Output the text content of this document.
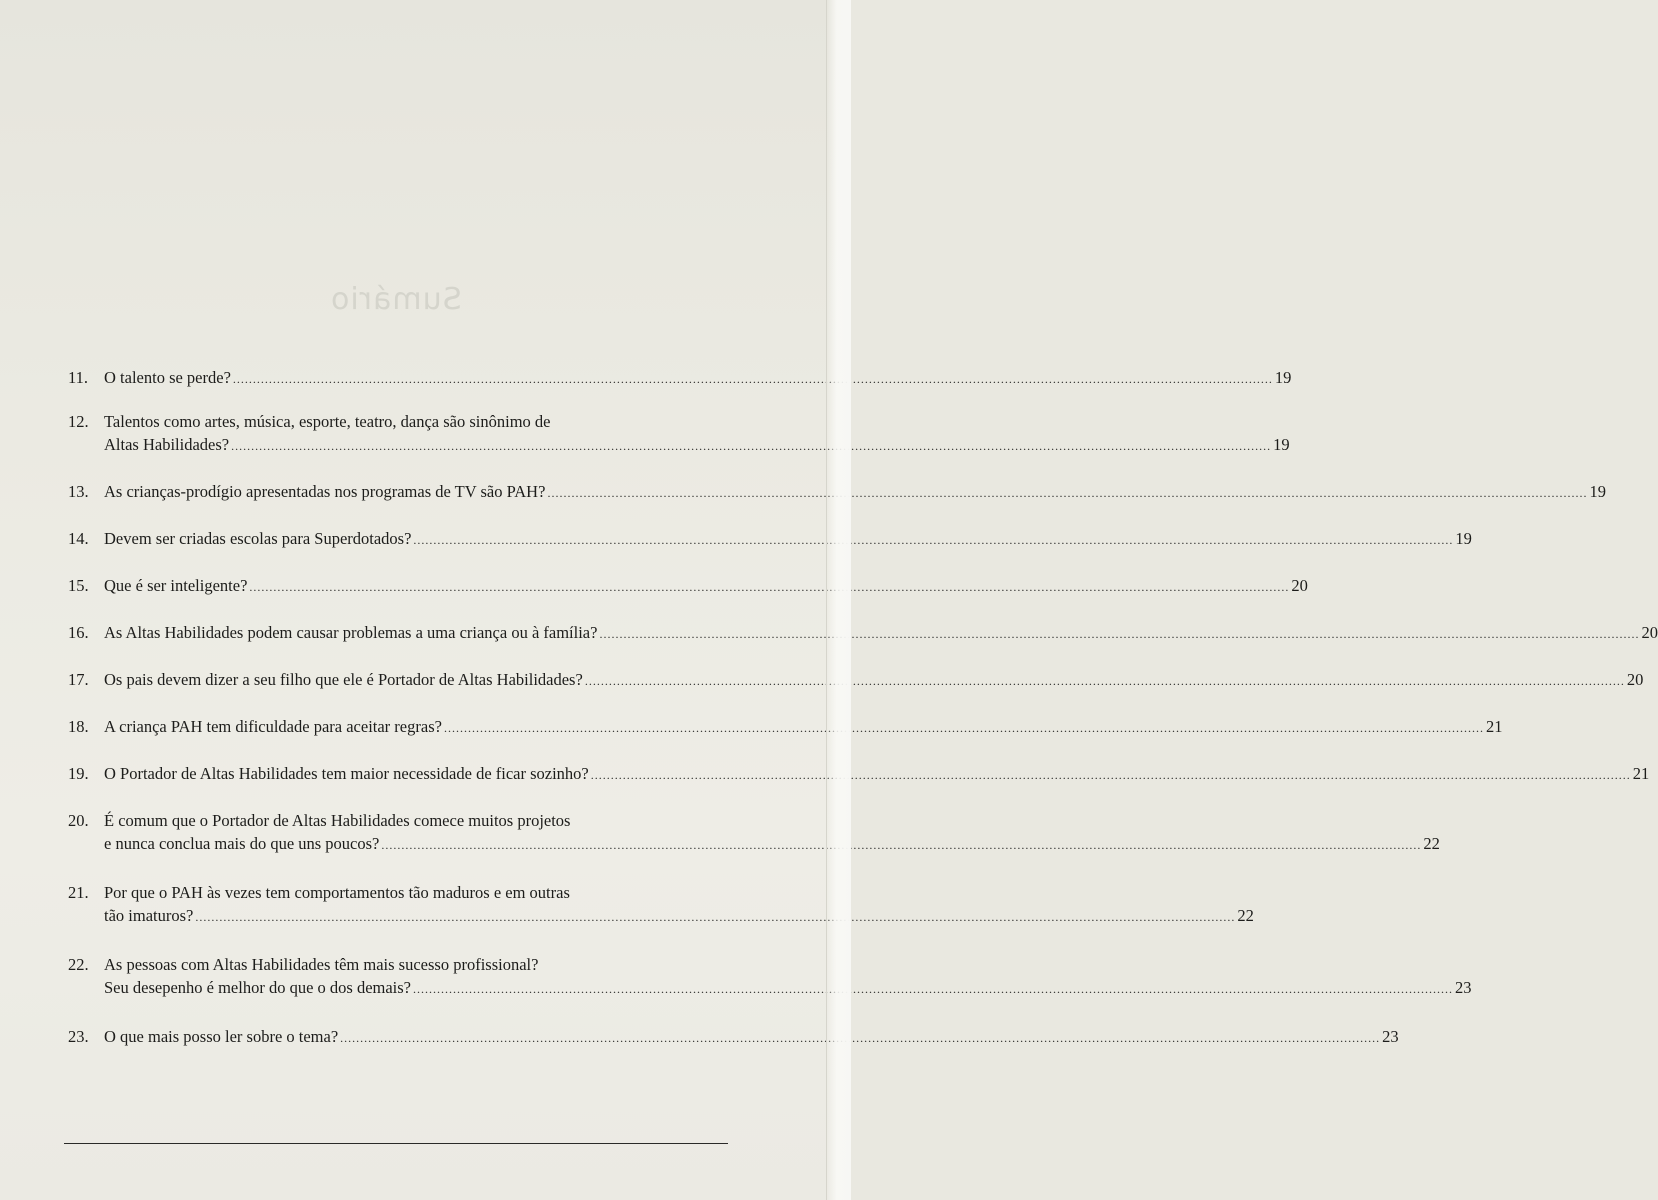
Sumário
11. O talento se perde? .....	19
12. Talentos como artes, música, esporte, teatro, dança são sinônimo de
Altas Habilidades? .....	19
13. As crianças-prodígio apresentadas nos programas de TV são PAH? .....	19
14. Devem ser criadas escolas para Superdotados? .....	19
15. Que é ser inteligente? .....	20
16. As Altas Habilidades podem causar problemas a uma criança ou à família? .....	20
17. Os pais devem dizer a seu filho que ele é Portador de Altas Habilidades? .....	20
18. A criança PAH tem dificuldade para aceitar regras? .....	21
19. O Portador de Altas Habilidades tem maior necessidade de ficar sozinho? .....	21
20. É comum que o Portador de Altas Habilidades comece muitos projetos
e nunca conclua mais do que uns poucos? .....	22
21. Por que o PAH às vezes tem comportamentos tão maduros e em outras
tão imaturos? .....	22
22. As pessoas com Altas Habilidades têm mais sucesso profissional?
Seu desepenho é melhor do que o dos demais? .....	23
23. O que mais posso ler sobre o tema? .....	23
